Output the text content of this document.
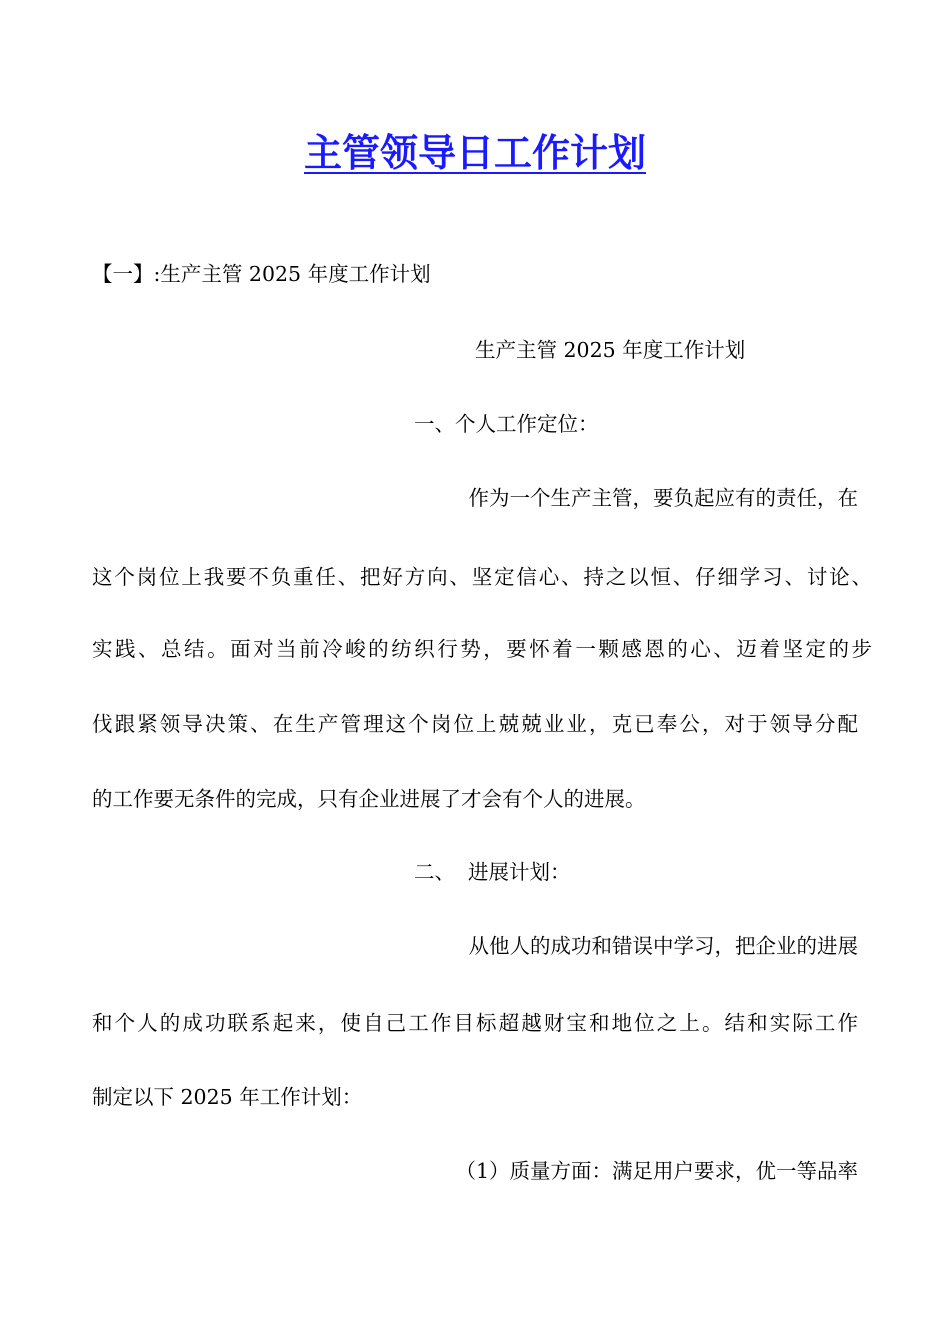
主管领导日工作计划
【一】:生产主管 2025 年度工作计划
生产主管 2025 年度工作计划
一、个人工作定位：
作为一个生产主管，要负起应有的责任，在
这个岗位上我要不负重任、把好方向、坚定信心、持之以恒、仔细学习、讨论、
实践、总结。面对当前冷峻的纺织行势，要怀着一颗感恩的心、迈着坚定的步
伐跟紧领导决策、在生产管理这个岗位上兢兢业业，克已奉公，对于领导分配
的工作要无条件的完成，只有企业进展了才会有个人的进展。
二、  进展计划：
从他人的成功和错误中学习，把企业的进展
和个人的成功联系起来，使自己工作目标超越财宝和地位之上。结和实际工作
制定以下 2025 年工作计划：
（1）质量方面：满足用户要求，优一等品率
